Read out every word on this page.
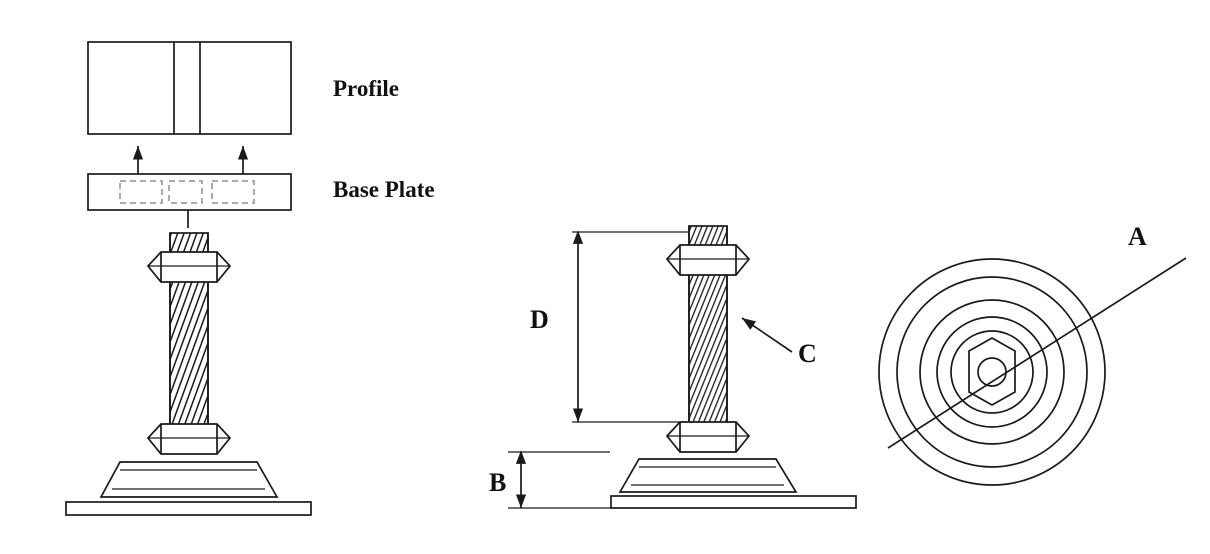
Profile
Base Plate
D
C
B
A
